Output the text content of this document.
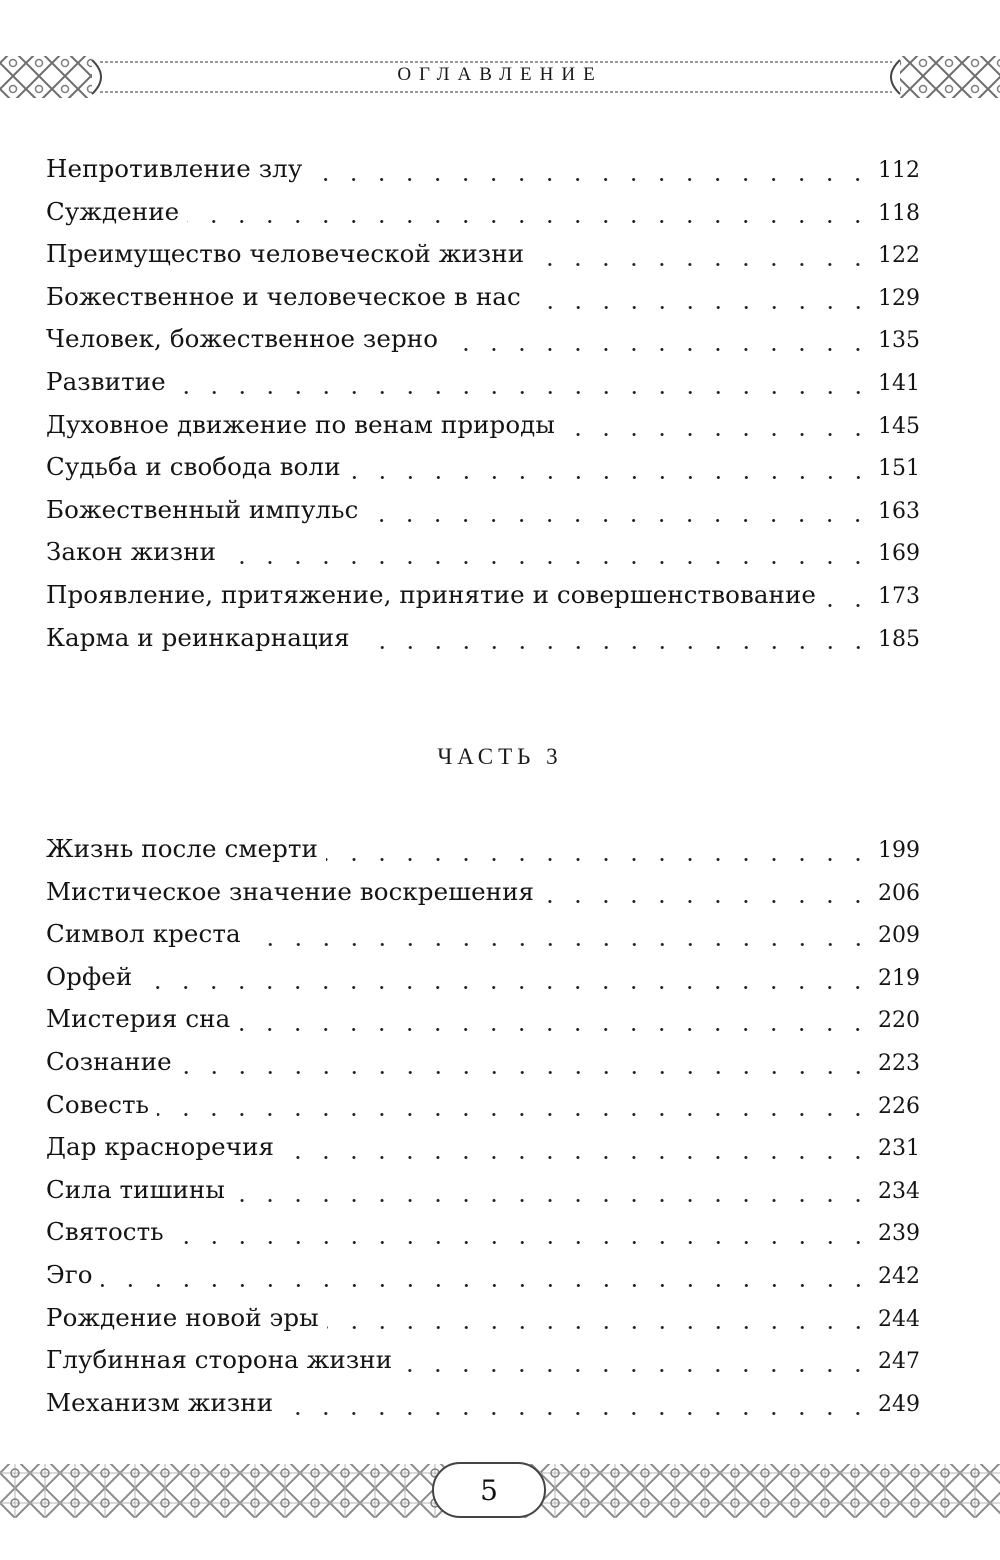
ОГЛАВЛЕНИЕ
Непротивление злу	112
Суждение	118
Преимущество человеческой жизни	122
Божественное и человеческое в нас	129
Человек, божественное зерно	135
Развитие	141
Духовное движение по венам природы	145
Судьба и свобода воли	151
Божественный импульс	163
Закон жизни	169
Проявление, притяжение, принятие и совершенствование	173
Карма и реинкарнация	185
ЧАСТЬ 3
Жизнь после смерти	199
Мистическое значение воскрешения	206
Символ креста	209
Орфей	219
Мистерия сна	220
Сознание	223
Совесть	226
Дар красноречия	231
Сила тишины	234
Святость	239
Эго	242
Рождение новой эры	244
Глубинная сторона жизни	247
Механизм жизни	249
5
